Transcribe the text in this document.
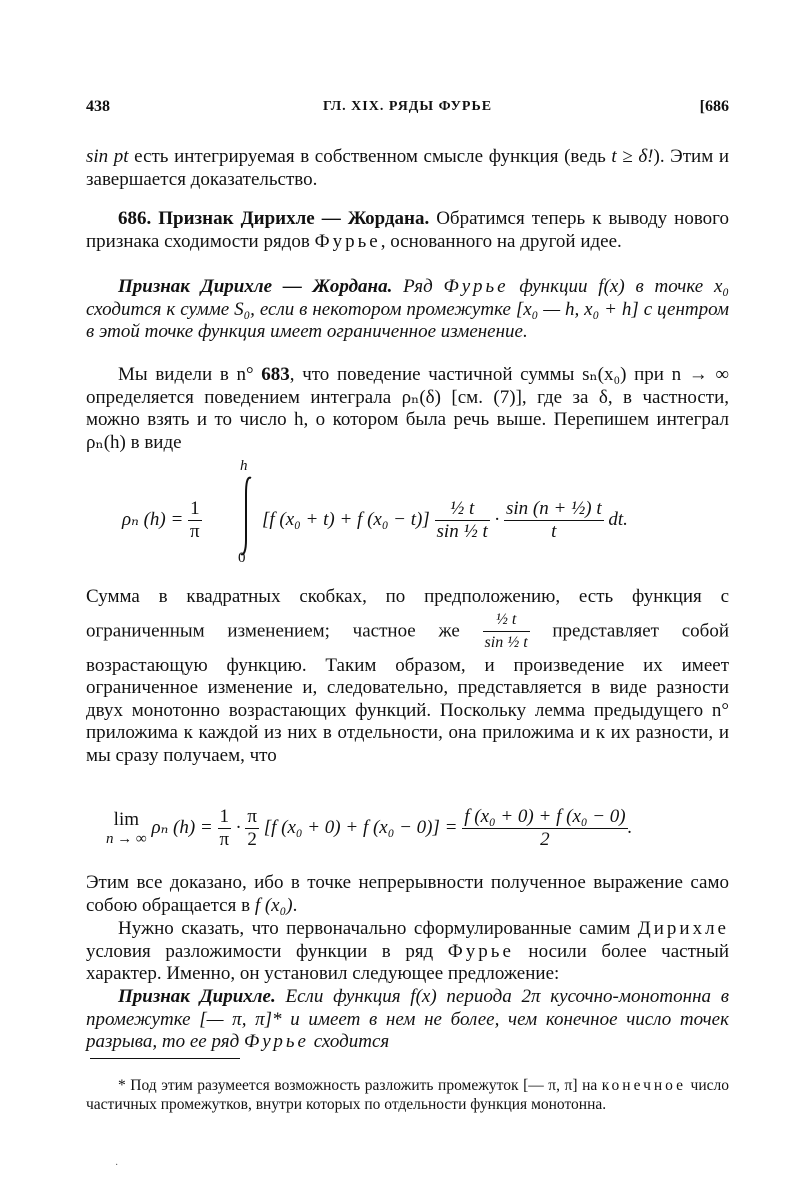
438	ГЛ. XIX. РЯДЫ ФУРЬЕ	[686

sin pt есть интегрируемая в собственном смысле функция (ведь t ≥ δ!). Этим и завершается доказательство.

686. Признак Дирихле — Жордана. Обратимся теперь к выводу нового признака сходимости рядов Фурье, основанного на другой идее.

Признак Дирихле — Жордана. Ряд Фурье функции f(x) в точке x₀ сходится к сумме S₀, если в некотором промежутке [x₀ — h, x₀ + h] с центром в этой точке функция имеет ограниченное изменение.

Мы видели в n° 683, что поведение частичной суммы sₙ(x₀) при n → ∞ определяется поведением интеграла ρₙ(δ) [см. (7)], где за δ, в частности, можно взять и то число h, о котором была речь выше. Перепишем интеграл ρₙ(h) в виде

ρₙ $(h) = \frac{1}{\pi}$
h
0
[f (x₀ + t) + f $(x_0 - t)] \frac{\text{½ t}}{\text{sin ½ t}} \cdot \frac{\text{sin (n + ½) t}}{t}$ dt.

Сумма в квадратных скобках, по предположению, есть функция с ограниченным изменением; частное же $\frac{\text{½ t}}{\text{sin ½ t}}$ представляет собой возрастающую функцию. Таким образом, и произведение их имеет ограниченное изменение и, следовательно, представляется в виде разности двух монотонно возрастающих функций. Поскольку лемма предыдущего n° приложима к каждой из них в отдельности, она приложима и к их разности, и мы сразу получаем, что

lim
n → ∞
ρₙ $(h) = \frac{1}{\pi} \cdot \frac{\pi}{2} [f$ (x₀ + 0) + f $(x_0 - 0)] = \frac{\text{f (x₀ + 0) + f (x₀ − 0)}}{2}$ .

Этим все доказано, ибо в точке непрерывности полученное выражение само собою обращается в f (x₀).

Нужно сказать, что первоначально сформулированные самим Дирихле условия разложимости функции в ряд Фурье носили более частный характер. Именно, он установил следующее предложение:

Признак Дирихле. Если функция f(x) периода 2π кусочно-монотонна в промежутке [— π, π]* и имеет в нем не более, чем конечное число точек разрыва, то ее ряд Фурье сходится

* Под этим разумеется возможность разложить промежуток [— π, π] на конечное число частичных промежутков, внутри которых по отдельности функция монотонна.

·
